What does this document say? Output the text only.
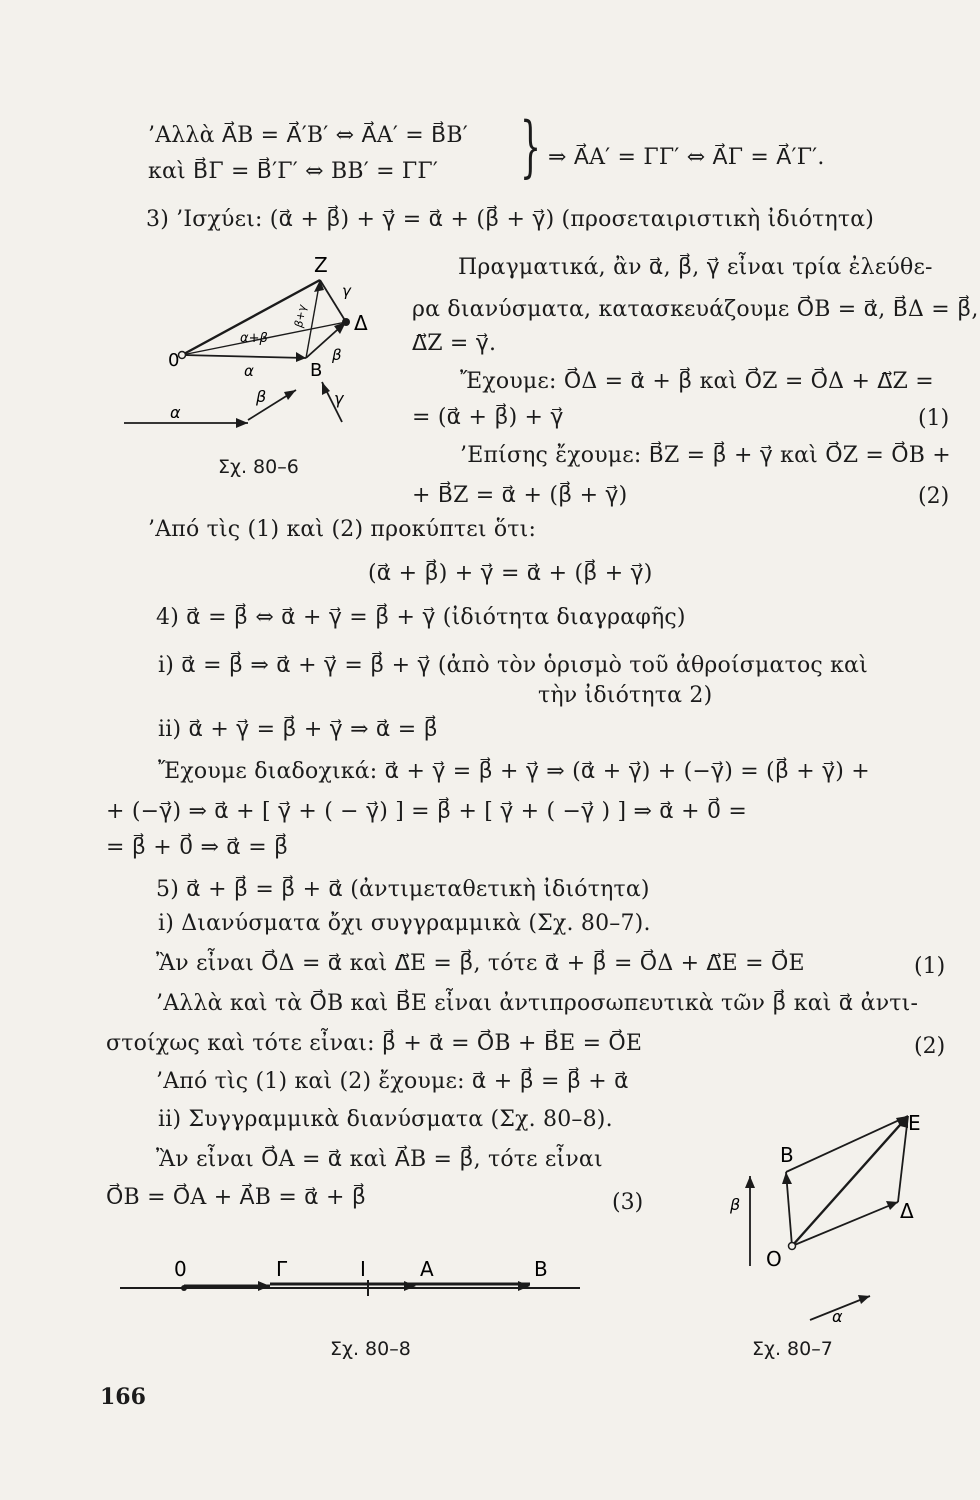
’Αλλὰ A⃗B = A⃗′B′ ⇔ A⃗A′ = B⃗B′
καὶ B⃗Γ = B⃗′Γ′ ⇔ BB′ = ΓΓ′ } ⇒ A⃗A′ = ΓΓ′ ⇔ A⃗Γ = A⃗′Γ′.
3) ’Ισχύει: (α⃗ + β⃗) + γ⃗ = α⃗ + (β⃗ + γ⃗) (προσεταιριστικὴ ἰδιότητα)
Πραγματικά, ἂν α⃗, β⃗, γ⃗ εἶναι τρία ἐλεύθε-
ρα διανύσματα, κατασκευάζουμε O⃗B = α⃗, B⃗Δ = β⃗,
Δ⃗Z = γ⃗.
Ἔχουμε: O⃗Δ = α⃗ + β⃗ καὶ O⃗Z = O⃗Δ + Δ⃗Z =
= (α⃗ + β⃗) + γ⃗	(1)
’Επίσης ἔχουμε: B⃗Z = β⃗ + γ⃗ καὶ O⃗Z = O⃗B +
+ B⃗Z = α⃗ + (β⃗ + γ⃗)	(2)
Z
Δ
0	B
α
γ
β
α+β
β+γ
α
β	γ
Σχ. 80–6
’Από τὶς (1) καὶ (2) προκύπτει ὅτι:
(α⃗ + β⃗) + γ⃗ = α⃗ + (β⃗ + γ⃗)
4) α⃗ = β⃗ ⇔ α⃗ + γ⃗ = β⃗ + γ⃗ (ἰδιότητα διαγραφῆς)
i) α⃗ = β⃗ ⇒ α⃗ + γ⃗ = β⃗ + γ⃗ (ἀπὸ τὸν ὁρισμὸ τοῦ ἀθροίσματος καὶ
τὴν ἰδιότητα 2)
ii) α⃗ + γ⃗ = β⃗ + γ⃗ ⇒ α⃗ = β⃗
Ἔχουμε διαδοχικά: α⃗ + γ⃗ = β⃗ + γ⃗ ⇒ (α⃗ + γ⃗) + (−γ⃗) = (β⃗ + γ⃗) +
+ (−γ⃗) ⇒ α⃗ + [ γ⃗ + ( − γ⃗) ] = β⃗ + [ γ⃗ + ( −γ⃗ ) ] ⇒ α⃗ + 0⃗ =
= β⃗ + 0⃗ ⇒ α⃗ = β⃗
5) α⃗ + β⃗ = β⃗ + α⃗ (ἀντιμεταθετικὴ ἰδιότητα)
i) Διανύσματα ὄχι συγγραμμικὰ (Σχ. 80–7).
Ἂν εἶναι O⃗Δ = α⃗ καὶ Δ⃗E = β⃗, τότε α⃗ + β⃗ = O⃗Δ + Δ⃗E = O⃗E	(1)
’Αλλὰ καὶ τὰ O⃗B καὶ B⃗E εἶναι ἀντιπροσωπευτικὰ τῶν β⃗ καὶ α⃗ ἀντι-
στοίχως καὶ τότε εἶναι: β⃗ + α⃗ = O⃗B + B⃗E = O⃗E	(2)
’Από τὶς (1) καὶ (2) ἔχουμε: α⃗ + β⃗ = β⃗ + α⃗
ii) Συγγραμμικὰ διανύσματα (Σχ. 80–8).
Ἂν εἶναι O⃗A = α⃗ καὶ A⃗B = β⃗, τότε εἶναι
O⃗B = O⃗A + A⃗B = α⃗ + β⃗	(3)
E
B
Δ
O
α
β
Σχ. 80–7
0	Γ	I	A	B
Σχ. 80–8
166
